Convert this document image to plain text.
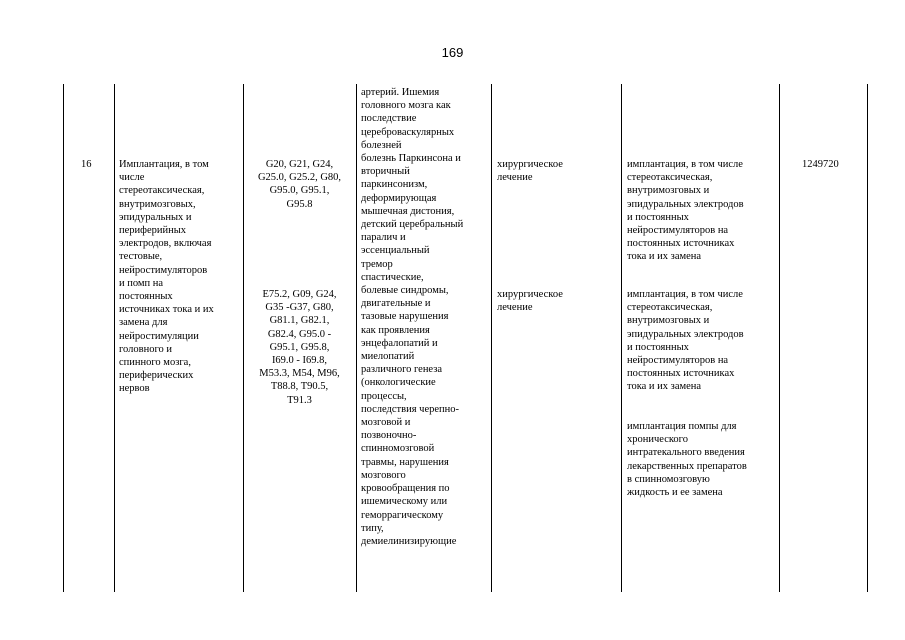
169
16	Имплантация, в том
числе
стереотаксическая,
внутримозговых,
эпидуральных и
периферийных
электродов, включая
тестовые,
нейростимуляторов
и помп на
постоянных
источниках тока и их
замена для
нейростимуляции
головного и
спинного мозга,
периферических
нервов
G20, G21, G24,
G25.0, G25.2, G80,
G95.0, G95.1,
G95.8
E75.2, G09, G24,
G35 -G37, G80,
G81.1, G82.1,
G82.4, G95.0 -
G95.1, G95.8,
I69.0 - I69.8,
M53.3, M54, M96,
T88.8, T90.5,
T91.3
артерий. Ишемия
головного мозга как
последствие
цереброваскулярных
болезней
болезнь Паркинсона и
вторичный
паркинсонизм,
деформирующая
мышечная дистония,
детский церебральный
паралич и
эссенциальный
тремор
спастические,
болевые синдромы,
двигательные и
тазовые нарушения
как проявления
энцефалопатий и
миелопатий
различного генеза
(онкологические
процессы,
последствия черепно-
мозговой и
позвоночно-
спинномозговой
травмы, нарушения
мозгового
кровообращения по
ишемическому или
геморрагическому
типу,
демиелинизирующие
хирургическое
лечение
хирургическое
лечение
имплантация, в том числе
стереотаксическая,
внутримозговых и
эпидуральных электродов
и постоянных
нейростимуляторов на
постоянных источниках
тока и их замена
имплантация, в том числе
стереотаксическая,
внутримозговых и
эпидуральных электродов
и постоянных
нейростимуляторов на
постоянных источниках
тока и их замена
имплантация помпы для
хронического
интратекального введения
лекарственных препаратов
в спинномозговую
жидкость и ее замена
1249720
